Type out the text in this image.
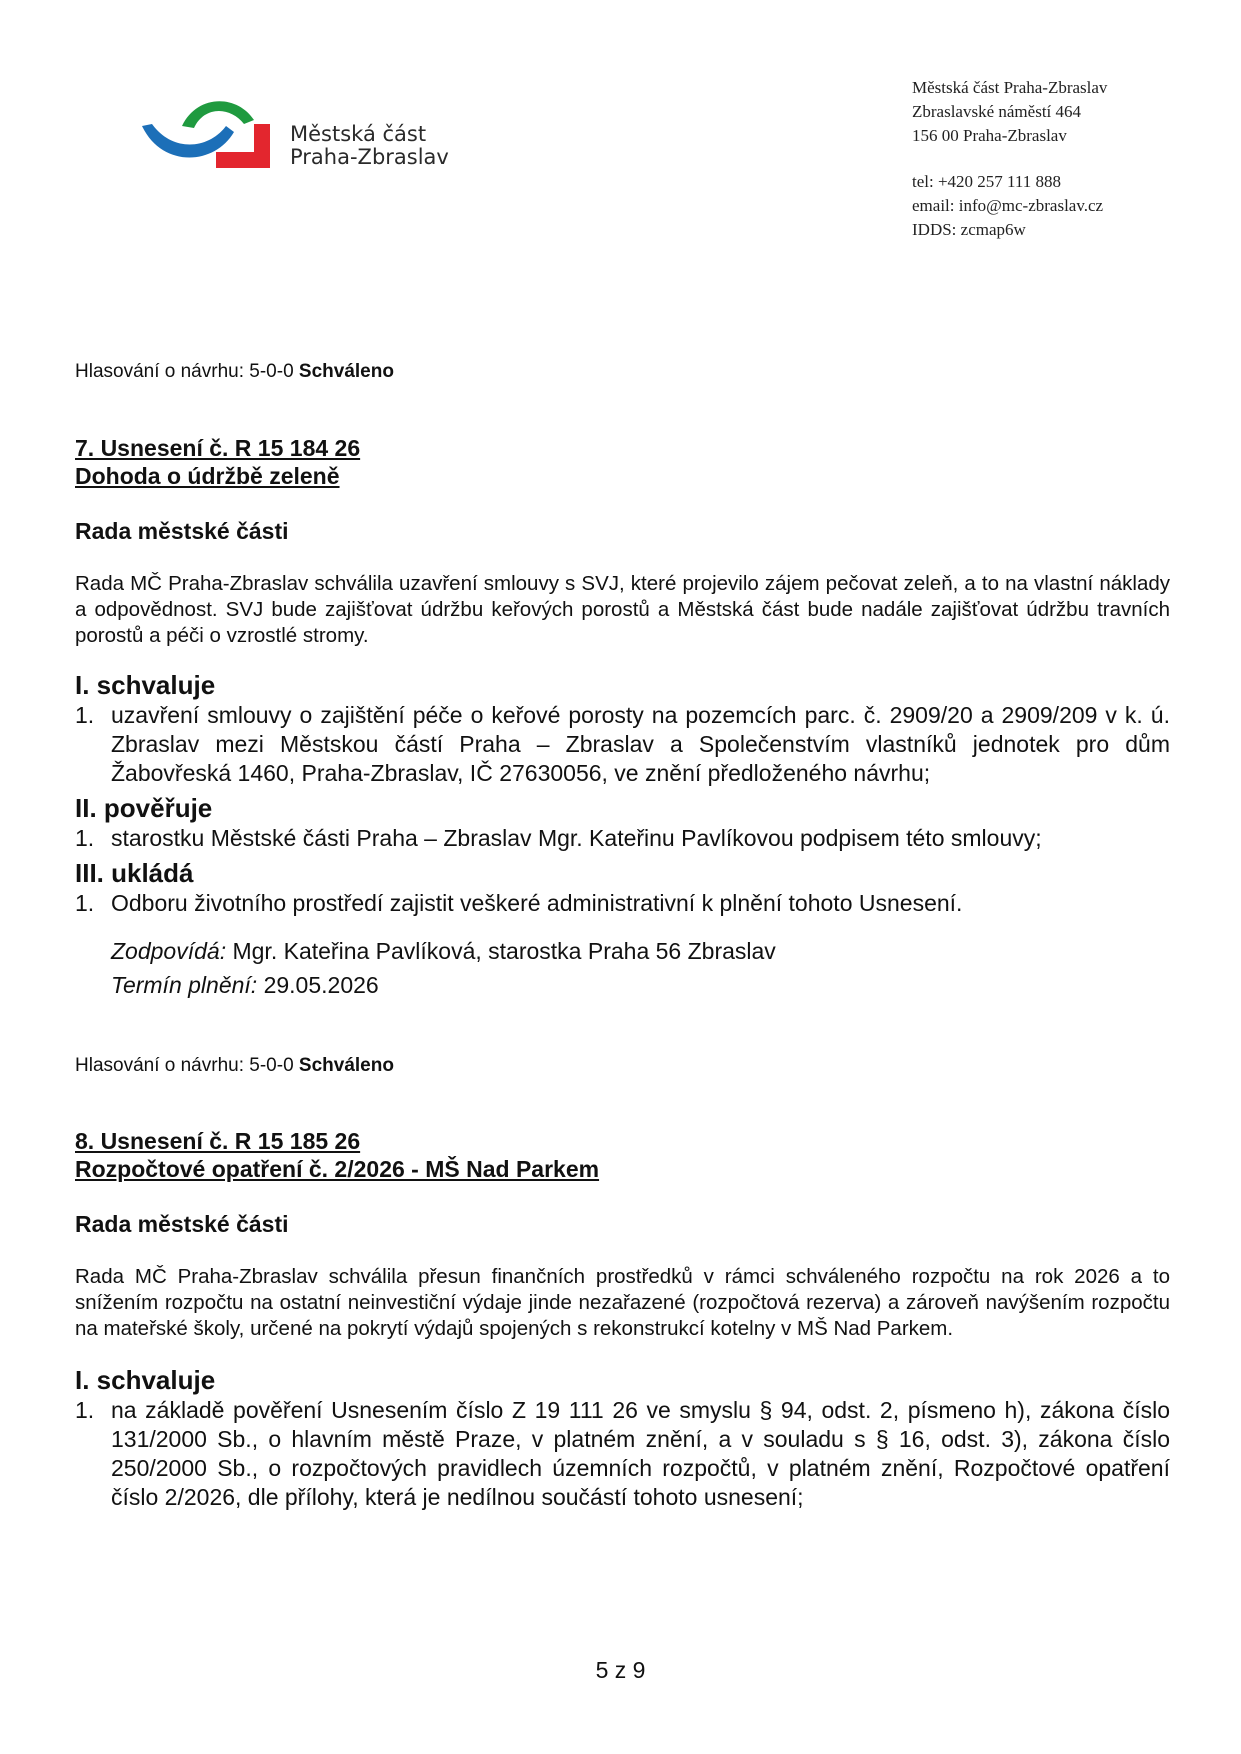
Městská část
Praha-Zbraslav
Městská část Praha-Zbraslav
Zbraslavské náměstí 464
156 00 Praha-Zbraslav
tel: +420 257 111 888
email: info@mc-zbraslav.cz
IDDS: zcmap6w
Hlasování o návrhu: 5-0-0 Schváleno
7. Usnesení č. R 15 184 26
Dohoda o údržbě zeleně
Rada městské části
Rada MČ Praha-Zbraslav schválila uzavření smlouvy s SVJ, které projevilo zájem pečovat zeleň, a to na vlastní náklady a odpovědnost. SVJ bude zajišťovat údržbu keřových porostů a Městská část bude nadále zajišťovat údržbu travních porostů a péči o vzrostlé stromy.
I. schvaluje
1. uzavření smlouvy o zajištění péče o keřové porosty na pozemcích parc. č. 2909/20 a 2909/209 v k. ú. Zbraslav mezi Městskou částí Praha – Zbraslav a Společenstvím vlastníků jednotek pro dům Žabovřeská 1460, Praha-Zbraslav, IČ 27630056, ve znění předloženého návrhu;
II. pověřuje
1. starostku Městské části Praha – Zbraslav Mgr. Kateřinu Pavlíkovou podpisem této smlouvy;
III. ukládá
1. Odboru životního prostředí zajistit veškeré administrativní k plnění tohoto Usnesení.
Zodpovídá: Mgr. Kateřina Pavlíková, starostka Praha 56 Zbraslav
Termín plnění: 29.05.2026
Hlasování o návrhu: 5-0-0 Schváleno
8. Usnesení č. R 15 185 26
Rozpočtové opatření č. 2/2026 - MŠ Nad Parkem
Rada městské části
Rada MČ Praha-Zbraslav schválila přesun finančních prostředků v rámci schváleného rozpočtu na rok 2026 a to snížením rozpočtu na ostatní neinvestiční výdaje jinde nezařazené (rozpočtová rezerva) a zároveň navýšením rozpočtu na mateřské školy, určené na pokrytí výdajů spojených s rekonstrukcí kotelny v MŠ Nad Parkem.
I. schvaluje
1. na základě pověření Usnesením číslo Z 19 111 26 ve smyslu § 94, odst. 2, písmeno h), zákona číslo 131/2000 Sb., o hlavním městě Praze, v platném znění, a v souladu s § 16, odst. 3), zákona číslo 250/2000 Sb., o rozpočtových pravidlech územních rozpočtů, v platném znění, Rozpočtové opatření číslo 2/2026, dle přílohy, která je nedílnou součástí tohoto usnesení;
5 z 9
